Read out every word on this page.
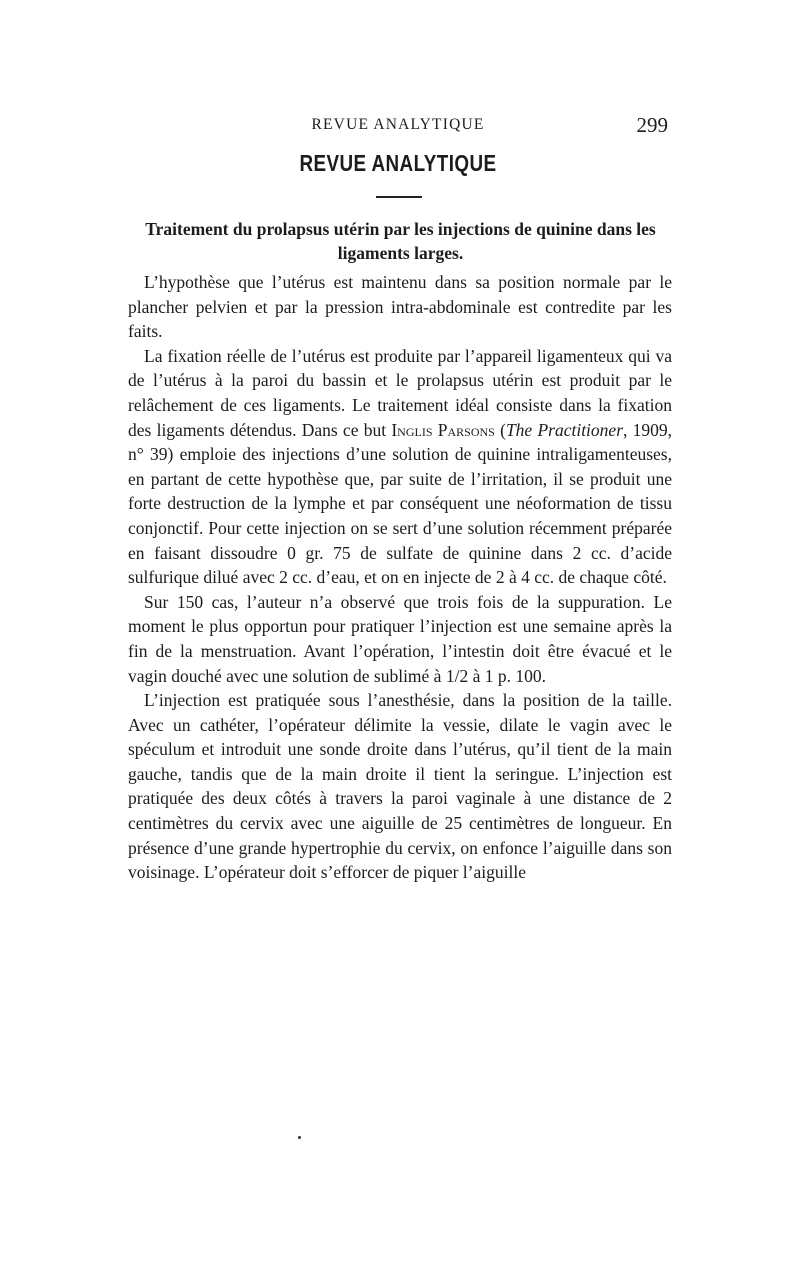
REVUE ANALYTIQUE	299
REVUE ANALYTIQUE
Traitement du prolapsus utérin par les injections de quinine dans les ligaments larges.

L’hypothèse que l’utérus est maintenu dans sa position normale par le plancher pelvien et par la pression intra-abdominale est contredite par les faits.

La fixation réelle de l’utérus est produite par l’appareil ligamenteux qui va de l’utérus à la paroi du bassin et le prolapsus utérin est produit par le relâchement de ces ligaments. Le traitement idéal consiste dans la fixation des ligaments détendus. Dans ce but Inglis Parsons (The Practitioner, 1909, n° 39) emploie des injections d’une solution de quinine intraligamenteuses, en partant de cette hypothèse que, par suite de l’irritation, il se produit une forte destruction de la lymphe et par conséquent une néoformation de tissu conjonctif. Pour cette injection on se sert d’une solution récemment préparée en faisant dissoudre 0 gr. 75 de sulfate de quinine dans 2 cc. d’acide sulfurique dilué avec 2 cc. d’eau, et on en injecte de 2 à 4 cc. de chaque côté.

Sur 150 cas, l’auteur n’a observé que trois fois de la suppuration. Le moment le plus opportun pour pratiquer l’injection est une semaine après la fin de la menstruation. Avant l’opération, l’intestin doit être évacué et le vagin douché avec une solution de sublimé à 1/2 à 1 p. 100.

L’injection est pratiquée sous l’anesthésie, dans la position de la taille. Avec un cathéter, l’opérateur délimite la vessie, dilate le vagin avec le spéculum et introduit une sonde droite dans l’utérus, qu’il tient de la main gauche, tandis que de la main droite il tient la seringue. L’injection est pratiquée des deux côtés à travers la paroi vaginale à une distance de 2 centimètres du cervix avec une aiguille de 25 centimètres de longueur. En présence d’une grande hypertrophie du cervix, on enfonce l’aiguille dans son voisinage. L’opérateur doit s’efforcer de piquer l’aiguille
